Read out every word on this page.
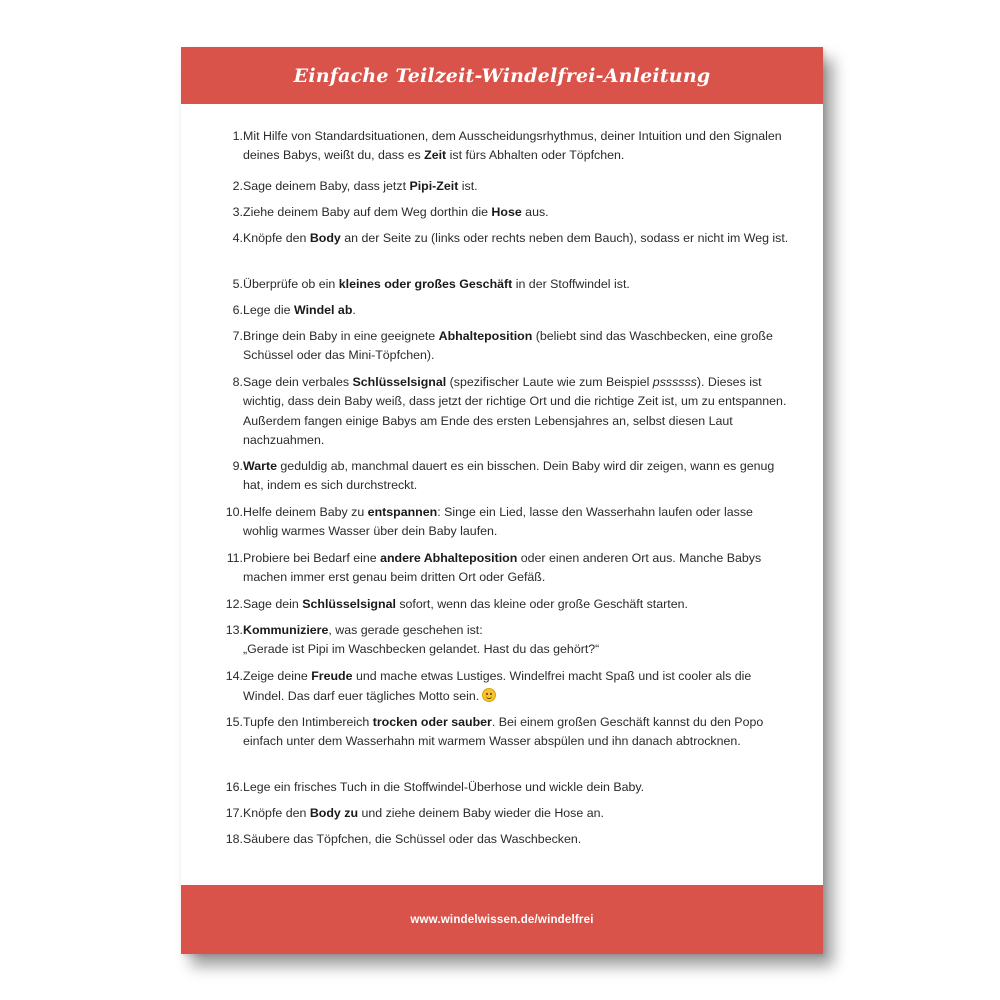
Einfache Teilzeit-Windelfrei-Anleitung
1. Mit Hilfe von Standardsituationen, dem Ausscheidungsrhythmus, deiner Intuition und den Signalen deines Babys, weißt du, dass es Zeit ist fürs Abhalten oder Töpfchen.
2. Sage deinem Baby, dass jetzt Pipi-Zeit ist.
3. Ziehe deinem Baby auf dem Weg dorthin die Hose aus.
4. Knöpfe den Body an der Seite zu (links oder rechts neben dem Bauch), sodass er nicht im Weg ist.
5. Überprüfe ob ein kleines oder großes Geschäft in der Stoffwindel ist.
6. Lege die Windel ab.
7. Bringe dein Baby in eine geeignete Abhalteposition (beliebt sind das Waschbecken, eine große Schüssel oder das Mini-Töpfchen).
8. Sage dein verbales Schlüsselsignal (spezifischer Laute wie zum Beispiel pssssss). Dieses ist wichtig, dass dein Baby weiß, dass jetzt der richtige Ort und die richtige Zeit ist, um zu entspannen. Außerdem fangen einige Babys am Ende des ersten Lebensjahres an, selbst diesen Laut nachzuahmen.
9. Warte geduldig ab, manchmal dauert es ein bisschen. Dein Baby wird dir zeigen, wann es genug hat, indem es sich durchstreckt.
10. Helfe deinem Baby zu entspannen: Singe ein Lied, lasse den Wasserhahn laufen oder lasse wohlig warmes Wasser über dein Baby laufen.
11. Probiere bei Bedarf eine andere Abhalteposition oder einen anderen Ort aus. Manche Babys machen immer erst genau beim dritten Ort oder Gefäß.
12. Sage dein Schlüsselsignal sofort, wenn das kleine oder große Geschäft starten.
13. Kommuniziere, was gerade geschehen ist:
„Gerade ist Pipi im Waschbecken gelandet. Hast du das gehört?“
14. Zeige deine Freude und mache etwas Lustiges. Windelfrei macht Spaß und ist cooler als die Windel. Das darf euer tägliches Motto sein.
15. Tupfe den Intimbereich trocken oder sauber. Bei einem großen Geschäft kannst du den Popo einfach unter dem Wasserhahn mit warmem Wasser abspülen und ihn danach abtrocknen.
16. Lege ein frisches Tuch in die Stoffwindel-Überhose und wickle dein Baby.
17. Knöpfe den Body zu und ziehe deinem Baby wieder die Hose an.
18. Säubere das Töpfchen, die Schüssel oder das Waschbecken.
www.windelwissen.de/windelfrei
